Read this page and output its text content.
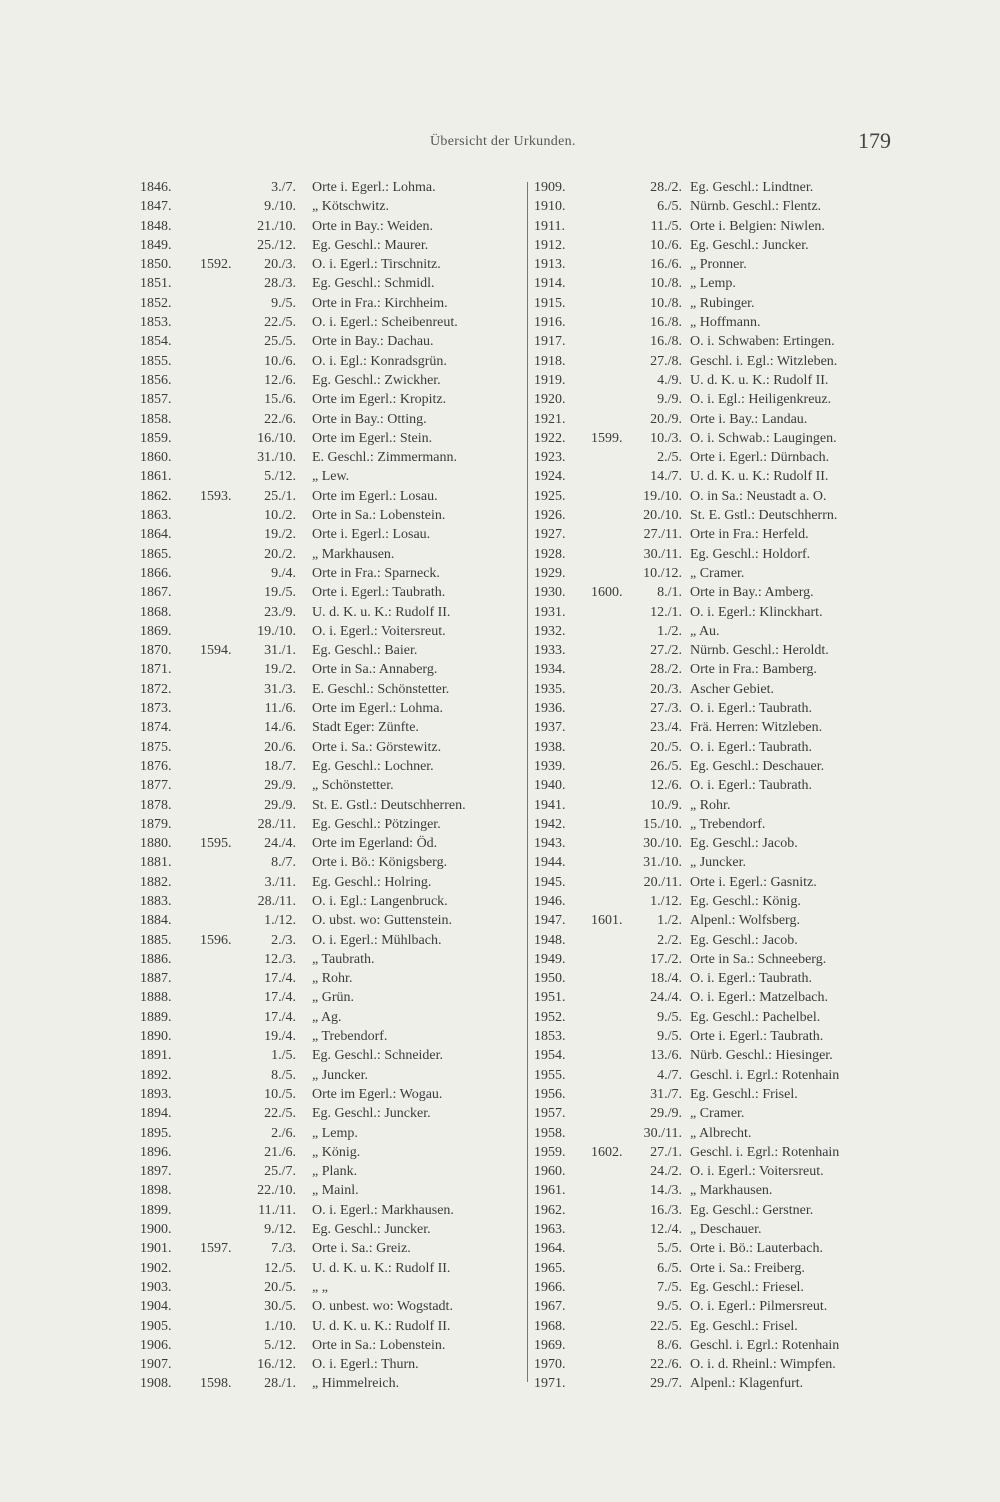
Übersicht der Urkunden.	179
1846.	3./7. Orte i. Egerl.: Lohma.
1847.	9./10. „ Kötschwitz.
1848.	21./10. Orte in Bay.: Weiden.
1849.	25./12. Eg. Geschl.: Maurer.
1850. 1592.	20./3. O. i. Egerl.: Tirschnitz.
1851.	28./3. Eg. Geschl.: Schmidl.
1852.	9./5. Orte in Fra.: Kirchheim.
1853.	22./5. O. i. Egerl.: Scheibenreut.
1854.	25./5. Orte in Bay.: Dachau.
1855.	10./6. O. i. Egl.: Konradsgrün.
1856.	12./6. Eg. Geschl.: Zwickher.
1857.	15./6. Orte im Egerl.: Kropitz.
1858.	22./6. Orte in Bay.: Otting.
1859.	16./10. Orte im Egerl.: Stein.
1860.	31./10. E. Geschl.: Zimmermann.
1861.	5./12. „ Lew.
1862. 1593.	25./1. Orte im Egerl.: Losau.
1863.	10./2. Orte in Sa.: Lobenstein.
1864.	19./2. Orte i. Egerl.: Losau.
1865.	20./2. „ Markhausen.
1866.	9./4. Orte in Fra.: Sparneck.
1867.	19./5. Orte i. Egerl.: Taubrath.
1868.	23./9. U. d. K. u. K.: Rudolf II.
1869.	19./10. O. i. Egerl.: Voitersreut.
1870. 1594.	31./1. Eg. Geschl.: Baier.
1871.	19./2. Orte in Sa.: Annaberg.
1872.	31./3. E. Geschl.: Schönstetter.
1873.	11./6. Orte im Egerl.: Lohma.
1874.	14./6. Stadt Eger: Zünfte.
1875.	20./6. Orte i. Sa.: Görstewitz.
1876.	18./7. Eg. Geschl.: Lochner.
1877.	29./9. „ Schönstetter.
1878.	29./9. St. E. Gstl.: Deutschherren.
1879.	28./11. Eg. Geschl.: Pötzinger.
1880. 1595.	24./4. Orte im Egerland: Öd.
1881.	8./7. Orte i. Bö.: Königsberg.
1882.	3./11. Eg. Geschl.: Holring.
1883.	28./11. O. i. Egl.: Langenbruck.
1884.	1./12. O. ubst. wo: Guttenstein.
1885. 1596.	2./3. O. i. Egerl.: Mühlbach.
1886.	12./3. „ Taubrath.
1887.	17./4. „ Rohr.
1888.	17./4. „ Grün.
1889.	17./4. „ Ag.
1890.	19./4. „ Trebendorf.
1891.	1./5. Eg. Geschl.: Schneider.
1892.	8./5. „ Juncker.
1893.	10./5. Orte im Egerl.: Wogau.
1894.	22./5. Eg. Geschl.: Juncker.
1895.	2./6. „ Lemp.
1896.	21./6. „ König.
1897.	25./7. „ Plank.
1898.	22./10. „ Mainl.
1899.	11./11. O. i. Egerl.: Markhausen.
1900.	9./12. Eg. Geschl.: Juncker.
1901. 1597.	7./3. Orte i. Sa.: Greiz.
1902.	12./5. U. d. K. u. K.: Rudolf II.
1903.	20./5. „ „
1904.	30./5. O. unbest. wo: Wogstadt.
1905.	1./10. U. d. K. u. K.: Rudolf II.
1906.	5./12. Orte in Sa.: Lobenstein.
1907.	16./12. O. i. Egerl.: Thurn.
1908. 1598.	28./1. „ Himmelreich.
1909.	28./2. Eg. Geschl.: Lindtner.
1910.	6./5. Nürnb. Geschl.: Flentz.
1911.	11./5. Orte i. Belgien: Niwlen.
1912.	10./6. Eg. Geschl.: Juncker.
1913.	16./6. „ Pronner.
1914.	10./8. „ Lemp.
1915.	10./8. „ Rubinger.
1916.	16./8. „ Hoffmann.
1917.	16./8. O. i. Schwaben: Ertingen.
1918.	27./8. Geschl. i. Egl.: Witzleben.
1919.	4./9. U. d. K. u. K.: Rudolf II.
1920.	9./9. O. i. Egl.: Heiligenkreuz.
1921.	20./9. Orte i. Bay.: Landau.
1922. 1599.	10./3. O. i. Schwab.: Laugingen.
1923.	2./5. Orte i. Egerl.: Dürnbach.
1924.	14./7. U. d. K. u. K.: Rudolf II.
1925.	19./10. O. in Sa.: Neustadt a. O.
1926.	20./10. St. E. Gstl.: Deutschherrn.
1927.	27./11. Orte in Fra.: Herfeld.
1928.	30./11. Eg. Geschl.: Holdorf.
1929.	10./12. „ Cramer.
1930. 1600.	8./1. Orte in Bay.: Amberg.
1931.	12./1. O. i. Egerl.: Klinckhart.
1932.	1./2. „ Au.
1933.	27./2. Nürnb. Geschl.: Heroldt.
1934.	28./2. Orte in Fra.: Bamberg.
1935.	20./3. Ascher Gebiet.
1936.	27./3. O. i. Egerl.: Taubrath.
1937.	23./4. Frä. Herren: Witzleben.
1938.	20./5. O. i. Egerl.: Taubrath.
1939.	26./5. Eg. Geschl.: Deschauer.
1940.	12./6. O. i. Egerl.: Taubrath.
1941.	10./9. „ Rohr.
1942.	15./10. „ Trebendorf.
1943.	30./10. Eg. Geschl.: Jacob.
1944.	31./10. „ Juncker.
1945.	20./11. Orte i. Egerl.: Gasnitz.
1946.	1./12. Eg. Geschl.: König.
1947. 1601.	1./2. Alpenl.: Wolfsberg.
1948.	2./2. Eg. Geschl.: Jacob.
1949.	17./2. Orte in Sa.: Schneeberg.
1950.	18./4. O. i. Egerl.: Taubrath.
1951.	24./4. O. i. Egerl.: Matzelbach.
1952.	9./5. Eg. Geschl.: Pachelbel.
1853.	9./5. Orte i. Egerl.: Taubrath.
1954.	13./6. Nürb. Geschl.: Hiesinger.
1955.	4./7. Geschl. i. Egrl.: Rotenhain
1956.	31./7. Eg. Geschl.: Frisel.
1957.	29./9. „ Cramer.
1958.	30./11. „ Albrecht.
1959. 1602.	27./1. Geschl. i. Egrl.: Rotenhain
1960.	24./2. O. i. Egerl.: Voitersreut.
1961.	14./3. „ Markhausen.
1962.	16./3. Eg. Geschl.: Gerstner.
1963.	12./4. „ Deschauer.
1964.	5./5. Orte i. Bö.: Lauterbach.
1965.	6./5. Orte i. Sa.: Freiberg.
1966.	7./5. Eg. Geschl.: Friesel.
1967.	9./5. O. i. Egerl.: Pilmersreut.
1968.	22./5. Eg. Geschl.: Frisel.
1969.	8./6. Geschl. i. Egrl.: Rotenhain
1970.	22./6. O. i. d. Rheinl.: Wimpfen.
1971.	29./7. Alpenl.: Klagenfurt.
